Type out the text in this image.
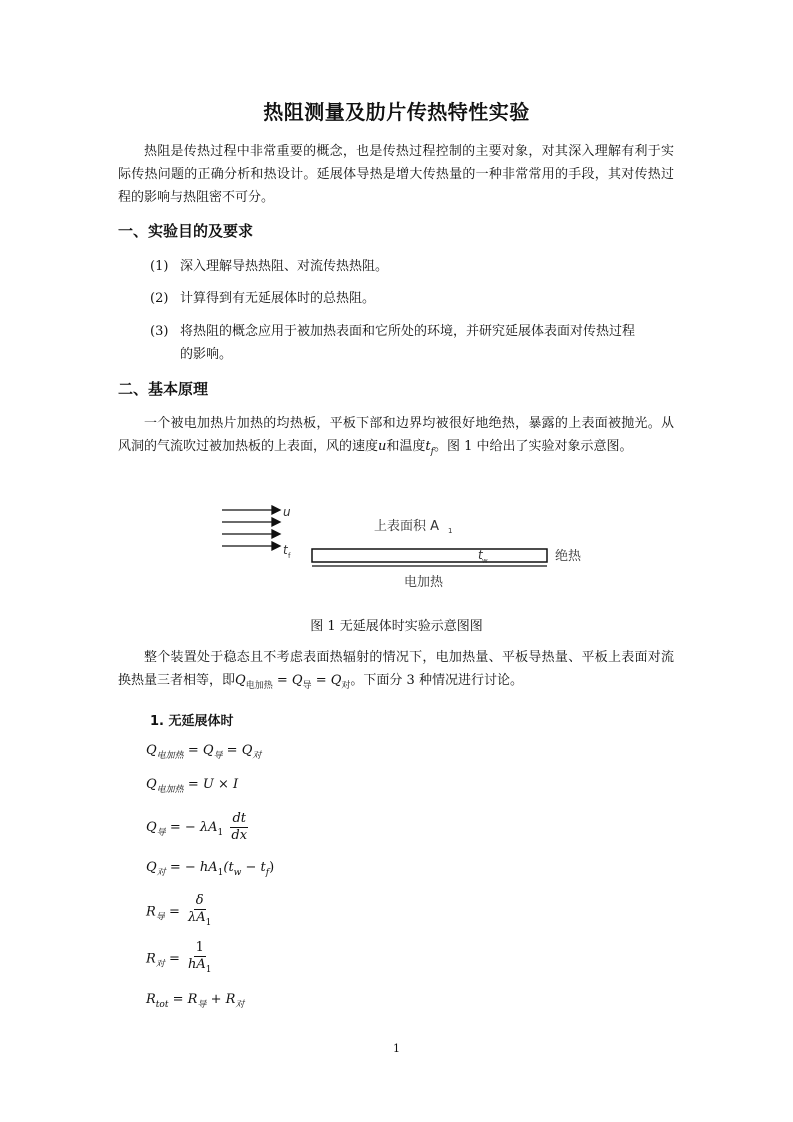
热阻测量及肋片传热特性实验
热阻是传热过程中非常重要的概念，也是传热过程控制的主要对象，对其深入理解有利于实际传热问题的正确分析和热设计。延展体导热是增大传热量的一种非常常用的手段，其对传热过程的影响与热阻密不可分。
一、实验目的及要求
(1) 深入理解导热热阻、对流传热热阻。
(2) 计算得到有无延展体时的总热阻。
(3) 将热阻的概念应用于被加热表面和它所处的环境，并研究延展体表面对传热过程
的影响。
二、基本原理
一个被电加热片加热的均热板，平板下部和边界均被很好地绝热，暴露的上表面被抛光。从风洞的气流吹过被加热板的上表面，风的速度u和温度$t_f$。图 1 中给出了实验对象示意图。
u
t f
上表面积 A 1
t w	绝热
电加热
图 1 无延展体时实验示意图图
整个装置处于稳态且不考虑表面热辐射的情况下，电加热量、平板导热量、平板上表面对流换热量三者相等，即$Q_{电加热} = Q_导 = Q_对$。下面分 3 种情况进行讨论。
1. 无延展体时
$Q_{电加热} = Q_导 = Q_对$
$Q_{电加热} = U \times I$
$Q_导$ = − $\lambda A_1 \frac{dt}{dx}$
$Q_对$ = − $hA_1(t_w - t_f)$
$R_导 = \frac{\delta}{\lambda A_1}$
$R_对 = \frac{1}{hA_1}$
$R_{tot} = R_导 + R_对$
1
